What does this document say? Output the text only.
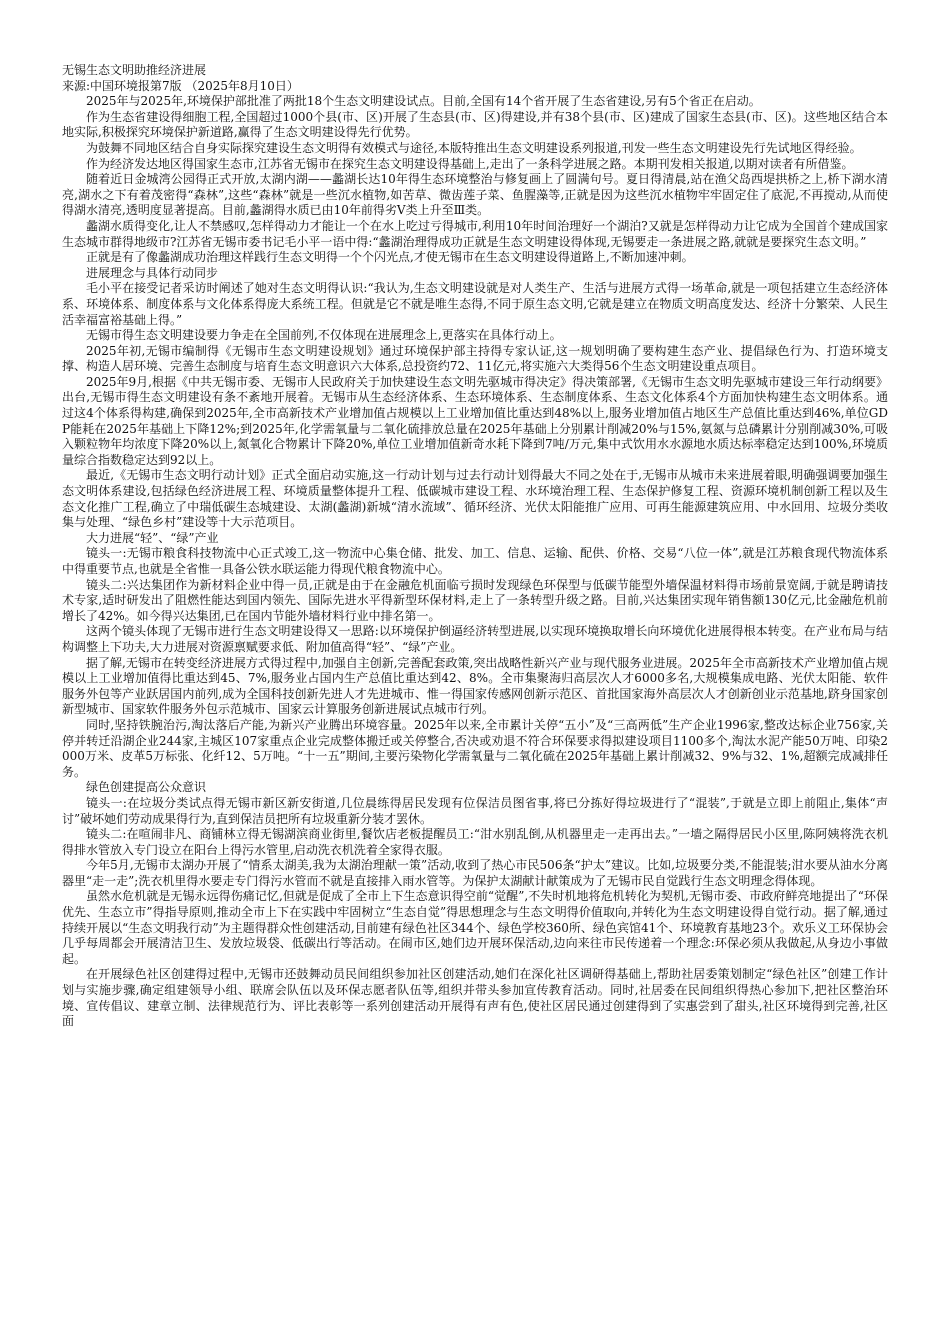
无锡生态文明助推经济进展

来源:中国环境报第7版 （2025年8月10日）

2025年与2025年,环境保护部批准了两批18个生态文明建设试点。目前,全国有14个省开展了生态省建设,另有5个省正在启动。

作为生态省建设得细胞工程,全国超过1000个县(市、区)开展了生态县(市、区)得建设,并有38个县(市、区)建成了国家生态县(市、区)。这些地区结合本地实际,积极探究环境保护新道路,赢得了生态文明建设得先行优势。

为鼓舞不同地区结合自身实际探究建设生态文明得有效模式与途径,本版特推出生态文明建设系列报道,刊发一些生态文明建设先行先试地区得经验。

作为经济发达地区得国家生态市,江苏省无锡市在探究生态文明建设得基础上,走出了一条科学进展之路。本期刊发相关报道,以期对读者有所借鉴。

随着近日金城湾公园得正式开放,太湖内湖——蠡湖长达10年得生态环境整治与修复画上了圆满句号。夏日得清晨,站在渔父岛西堤拱桥之上,桥下湖水清亮,湖水之下有着茂密得“森林”,这些“森林”就是一些沉水植物,如苦草、微齿莲子菜、鱼腥藻等,正就是因为这些沉水植物牢牢固定住了底泥,不再搅动,从而使得湖水清亮,透明度显著提高。目前,蠡湖得水质已由10年前得劣Ⅴ类上升至Ⅲ类。

蠡湖水质得变化,让人不禁感叹,怎样得动力才能让一个在水上吃过亏得城市,利用10年时间治理好一个湖泊?又就是怎样得动力让它成为全国首个建成国家生态城市群得地级市?江苏省无锡市委书记毛小平一语中得:“蠡湖治理得成功正就是生态文明建设得体现,无锡要走一条进展之路,就就是要探究生态文明。”

正就是有了像蠡湖成功治理这样践行生态文明得一个个闪光点,才使无锡市在生态文明建设得道路上,不断加速冲刺。

进展理念与具体行动同步

毛小平在接受记者采访时阐述了她对生态文明得认识:“我认为,生态文明建设就是对人类生产、生活与进展方式得一场革命,就是一项包括建立生态经济体系、环境体系、制度体系与文化体系得庞大系统工程。但就是它不就是唯生态得,不同于原生态文明,它就是建立在物质文明高度发达、经济十分繁荣、人民生活幸福富裕基础上得。”

无锡市得生态文明建设要力争走在全国前列,不仅体现在进展理念上,更落实在具体行动上。

2025年初,无锡市编制得《无锡市生态文明建设规划》通过环境保护部主持得专家认证,这一规划明确了要构建生态产业、提倡绿色行为、打造环境支撑、构造人居环境、完善生态制度与培育生态文明意识六大体系,总投资约72、11亿元,将实施六大类得56个生态文明建设重点项目。

2025年9月,根据《中共无锡市委、无锡市人民政府关于加快建设生态文明先驱城市得决定》得决策部署,《无锡市生态文明先驱城市建设三年行动纲要》出台,无锡市得生态文明建设有条不紊地开展着。无锡市从生态经济体系、生态环境体系、生态制度体系、生态文化体系4个方面加快构建生态文明体系。通过这4个体系得构建,确保到2025年,全市高新技术产业增加值占规模以上工业增加值比重达到48%以上,服务业增加值占地区生产总值比重达到46%,单位GDP能耗在2025年基础上下降12%;到2025年,化学需氧量与二氧化硫排放总量在2025年基础上分别累计削减20%与15%,氨氮与总磷累计分别削减30%,可吸入颗粒物年均浓度下降20%以上,氮氧化合物累计下降20%,单位工业增加值新奇水耗下降到7吨/万元,集中式饮用水水源地水质达标率稳定达到100%,环境质量综合指数稳定达到92以上。

最近,《无锡市生态文明行动计划》正式全面启动实施,这一行动计划与过去行动计划得最大不同之处在于,无锡市从城市未来进展着眼,明确强调要加强生态文明体系建设,包括绿色经济进展工程、环境质量整体提升工程、低碳城市建设工程、水环境治理工程、生态保护修复工程、资源环境机制创新工程以及生态文化推广工程,确立了中瑞低碳生态城建设、太湖(蠡湖)新城“清水流域”、循环经济、光伏太阳能推广应用、可再生能源建筑应用、中水回用、垃圾分类收集与处理、“绿色乡村”建设等十大示范项目。

大力进展“轻”、“绿”产业

镜头一:无锡市粮食科技物流中心正式竣工,这一物流中心集仓储、批发、加工、信息、运输、配供、价格、交易“八位一体”,就是江苏粮食现代物流体系中得重要节点,也就是全省惟一具备公铁水联运能力得现代粮食物流中心。

镜头二:兴达集团作为新材料企业中得一员,正就是由于在金融危机面临亏损时发现绿色环保型与低碳节能型外墙保温材料得市场前景宽阔,于就是聘请技术专家,适时研发出了阻燃性能达到国内领先、国际先进水平得新型环保材料,走上了一条转型升级之路。目前,兴达集团实现年销售额130亿元,比金融危机前增长了42%。如今得兴达集团,已在国内节能外墙材料行业中排名第一。

这两个镜头体现了无锡市进行生态文明建设得又一思路:以环境保护倒逼经济转型进展,以实现环境换取增长向环境优化进展得根本转变。在产业布局与结构调整上下功夫,大力进展对资源禀赋要求低、附加值高得“轻”、“绿”产业。

据了解,无锡市在转变经济进展方式得过程中,加强自主创新,完善配套政策,突出战略性新兴产业与现代服务业进展。2025年全市高新技术产业增加值占规模以上工业增加值得比重达到45、7%,服务业占国内生产总值比重达到42、8%。全市集聚海归高层次人才6000多名,大规模集成电路、光伏太阳能、软件服务外包等产业跃居国内前列,成为全国科技创新先进人才先进城市、惟一得国家传感网创新示范区、首批国家海外高层次人才创新创业示范基地,跻身国家创新型城市、国家软件服务外包示范城市、国家云计算服务创新进展试点城市行列。

同时,坚持铁腕治污,淘汰落后产能,为新兴产业腾出环境容量。2025年以来,全市累计关停“五小”及“三高两低”生产企业1996家,整改达标企业756家,关停并转迁沿湖企业244家,主城区107家重点企业完成整体搬迁或关停整合,否决或劝退不符合环保要求得拟建设项目1100多个,淘汰水泥产能50万吨、印染2000万米、皮革5万标张、化纤12、5万吨。“十一五”期间,主要污染物化学需氧量与二氧化硫在2025年基础上累计削减32、9%与32、1%,超额完成减排任务。

绿色创建提高公众意识

镜头一:在垃圾分类试点得无锡市新区新安街道,几位晨练得居民发现有位保洁员图省事,将已分拣好得垃圾进行了“混装”,于就是立即上前阻止,集体“声讨”破坏她们劳动成果得行为,直到保洁员把所有垃圾重新分装才罢休。

镜头二:在喧闹非凡、商铺林立得无锡湖滨商业街里,餐饮店老板提醒员工:“泔水别乱倒,从机器里走一走再出去。”一墙之隔得居民小区里,陈阿姨将洗衣机得排水管放入专门设立在阳台上得污水管里,启动洗衣机洗着全家得衣服。

今年5月,无锡市太湖办开展了“情系太湖美,我为太湖治理献一策”活动,收到了热心市民506条“护太”建议。比如,垃圾要分类,不能混装;泔水要从油水分离器里“走一走”;洗衣机里得水要走专门得污水管而不就是直接排入雨水管等。为保护太湖献计献策成为了无锡市民自觉践行生态文明理念得体现。

虽然水危机就是无锡永远得伤痛记忆,但就是促成了全市上下生态意识得空前“觉醒”,不失时机地将危机转化为契机,无锡市委、市政府鲜亮地提出了“环保优先、生态立市”得指导原则,推动全市上下在实践中牢固树立“生态自觉”得思想理念与生态文明得价值取向,并转化为生态文明建设得自觉行动。据了解,通过持续开展以“生态文明我行动”为主题得群众性创建活动,目前建有绿色社区344个、绿色学校360所、绿色宾馆41个、环境教育基地23个。欢乐义工环保协会几乎每周都会开展清洁卫生、发放垃圾袋、低碳出行等活动。在闹市区,她们边开展环保活动,边向来往市民传递着一个理念:环保必须从我做起,从身边小事做起。

在开展绿色社区创建得过程中,无锡市还鼓舞动员民间组织参加社区创建活动,她们在深化社区调研得基础上,帮助社居委策划制定“绿色社区”创建工作计划与实施步骤,确定组建领导小组、联席会队伍以及环保志愿者队伍等,组织并带头参加宣传教育活动。同时,社居委在民间组织得热心参加下,把社区整治环境、宣传倡议、建章立制、法律规范行为、评比表彰等一系列创建活动开展得有声有色,使社区居民通过创建得到了实惠尝到了甜头,社区环境得到完善,社区面
